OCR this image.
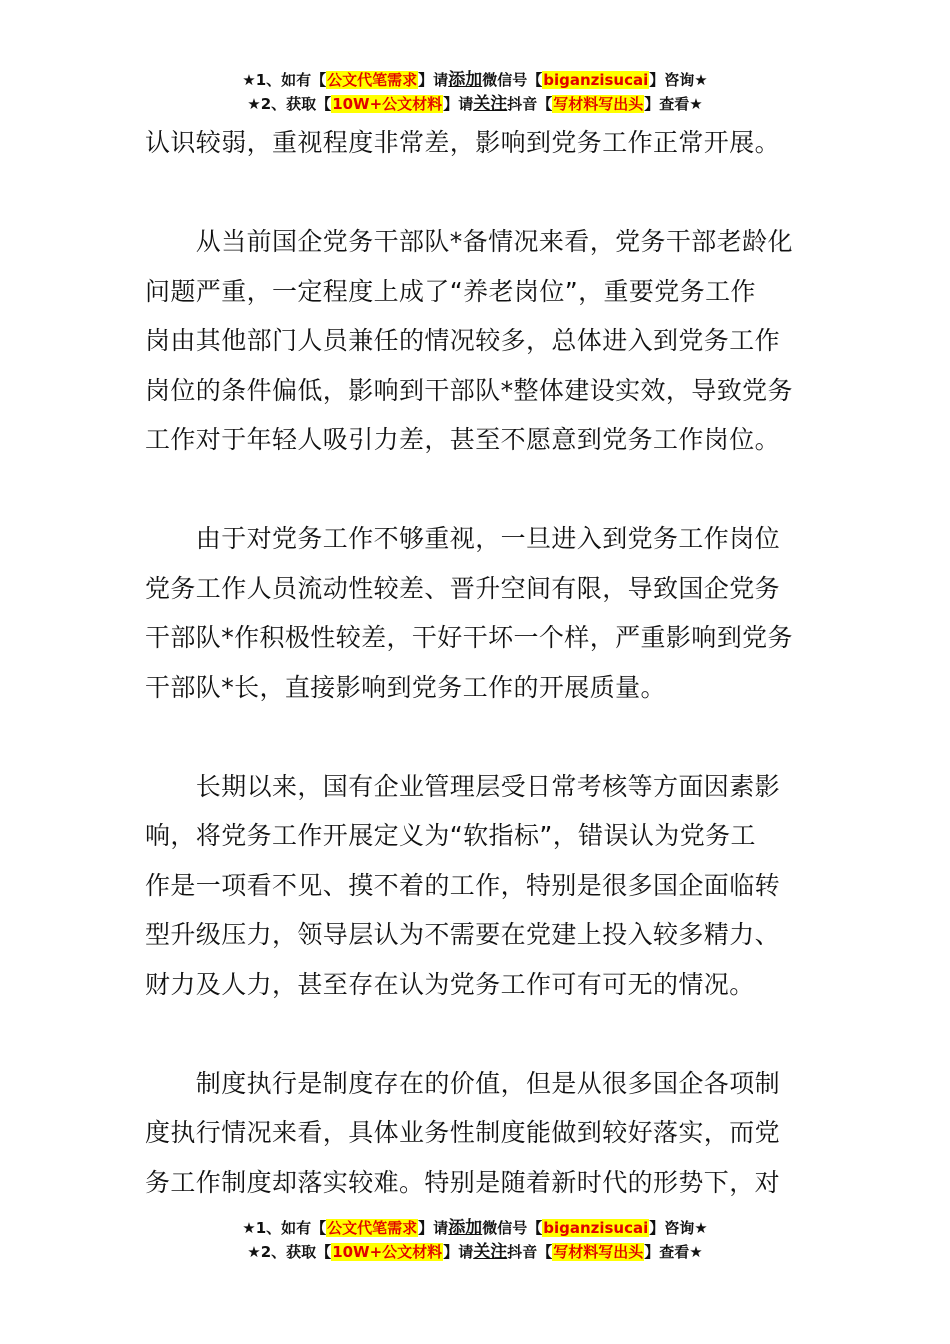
★1、如有【公文代笔需求】请添加微信号【biganzisucai】咨询★
★2、获取【10W+公文材料】请关注抖音【写材料写出头】查看★

认识较弱，重视程度非常差，影响到党务工作正常开展。

　　从当前国企党务干部队*备情况来看，党务干部老龄化

问题严重，一定程度上成了“养老岗位”，重要党务工作

岗由其他部门人员兼任的情况较多，总体进入到党务工作

岗位的条件偏低，影响到干部队*整体建设实效，导致党务

工作对于年轻人吸引力差，甚至不愿意到党务工作岗位。

　　由于对党务工作不够重视，一旦进入到党务工作岗位

党务工作人员流动性较差、晋升空间有限，导致国企党务

干部队*作积极性较差，干好干坏一个样，严重影响到党务

干部队*长，直接影响到党务工作的开展质量。

　　长期以来，国有企业管理层受日常考核等方面因素影

响，将党务工作开展定义为“软指标”，错误认为党务工

作是一项看不见、摸不着的工作，特别是很多国企面临转

型升级压力，领导层认为不需要在党建上投入较多精力、

财力及人力，甚至存在认为党务工作可有可无的情况。

　　制度执行是制度存在的价值，但是从很多国企各项制

度执行情况来看，具体业务性制度能做到较好落实，而党

务工作制度却落实较难。特别是随着新时代的形势下，对

★1、如有【公文代笔需求】请添加微信号【biganzisucai】咨询★
★2、获取【10W+公文材料】请关注抖音【写材料写出头】查看★
